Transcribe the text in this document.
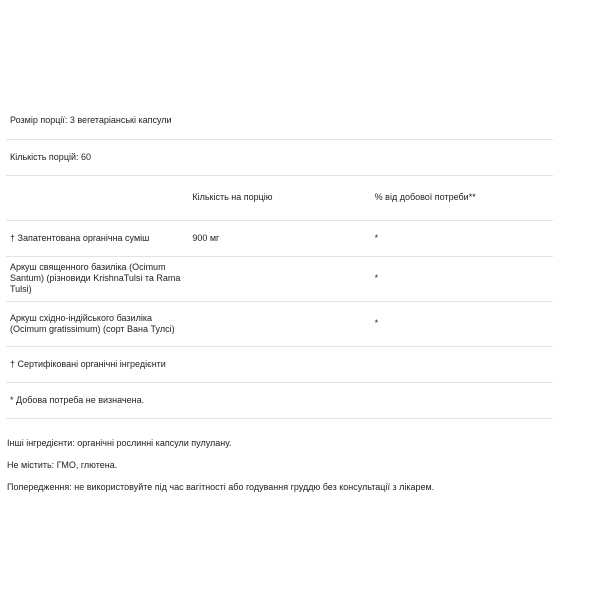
Розмір порції: 3 вегетаріанські капсули		
Кількість порцій: 60		
	Кількість на порцію	% від добової потреби**
† Запатентована органічна суміш	900 мг	*
Аркуш священного базиліка (Ocimum Santum) (різновиди KrishnaTulsi та Rama Tulsi)		*
Аркуш східно-індійського базиліка (Ocimum gratissimum) (сорт Вана Тулсі)		*
† Сертифіковані органічні інгредієнти		
* Добова потреба не визначена.		

Інші інгредієнти: органічні рослинні капсули пулулану.

Не містить: ГМО, глютена.

Попередження: не використовуйте під час вагітності або годування груддю без консультації з лікарем.
